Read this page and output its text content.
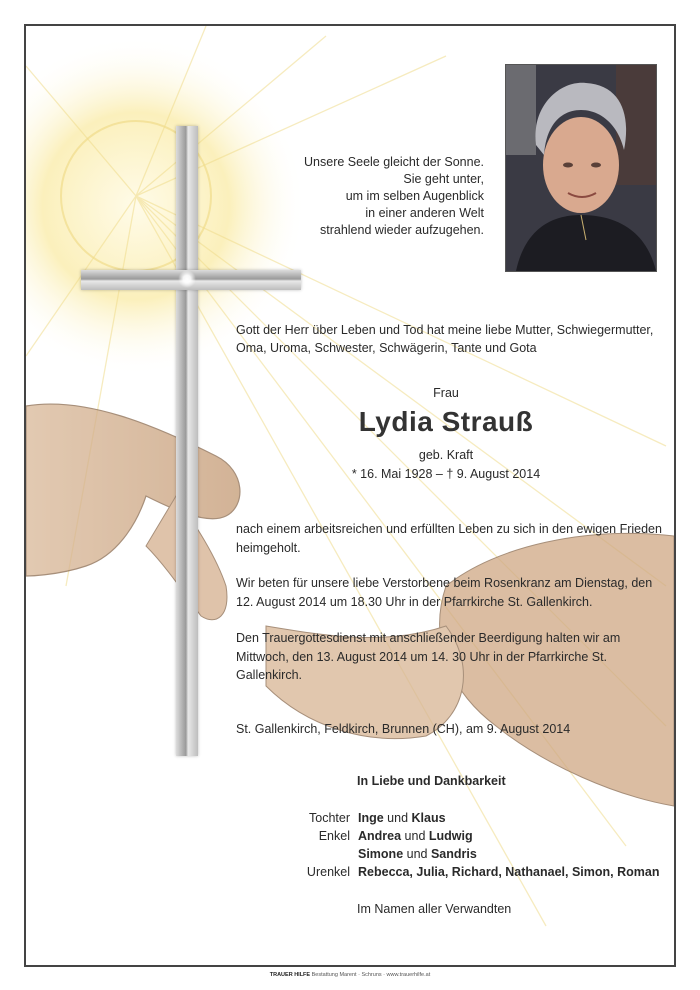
Unsere Seele gleicht der Sonne.
Sie geht unter,
um im selben Augenblick
in einer anderen Welt
strahlend wieder aufzugehen.
Gott der Herr über Leben und Tod hat meine liebe Mutter, Schwiegermutter, Oma, Uroma, Schwester, Schwägerin, Tante und Gota
Frau
Lydia Strauß
geb. Kraft
* 16. Mai 1928 – † 9. August 2014
nach einem arbeitsreichen und erfüllten Leben zu sich in den ewigen Frieden heimgeholt.
Wir beten für unsere liebe Verstorbene beim Rosenkranz am Dienstag, den 12. August 2014 um 18.30 Uhr in der Pfarrkirche St. Gallenkirch.
Den Trauergottesdienst mit anschließender Beerdigung halten wir am Mittwoch, den 13. August 2014 um 14. 30 Uhr in der Pfarrkirche St. Gallenkirch.
St. Gallenkirch, Feldkirch, Brunnen (CH), am 9. August 2014
In Liebe und Dankbarkeit
Tochter Inge und Klaus
Enkel Andrea und Ludwig
Simone und Sandris
Urenkel Rebecca, Julia, Richard, Nathanael, Simon, Roman
Im Namen aller Verwandten
TRAUER HILFE Bestattung Marent · Schruns · www.trauerhilfe.at
